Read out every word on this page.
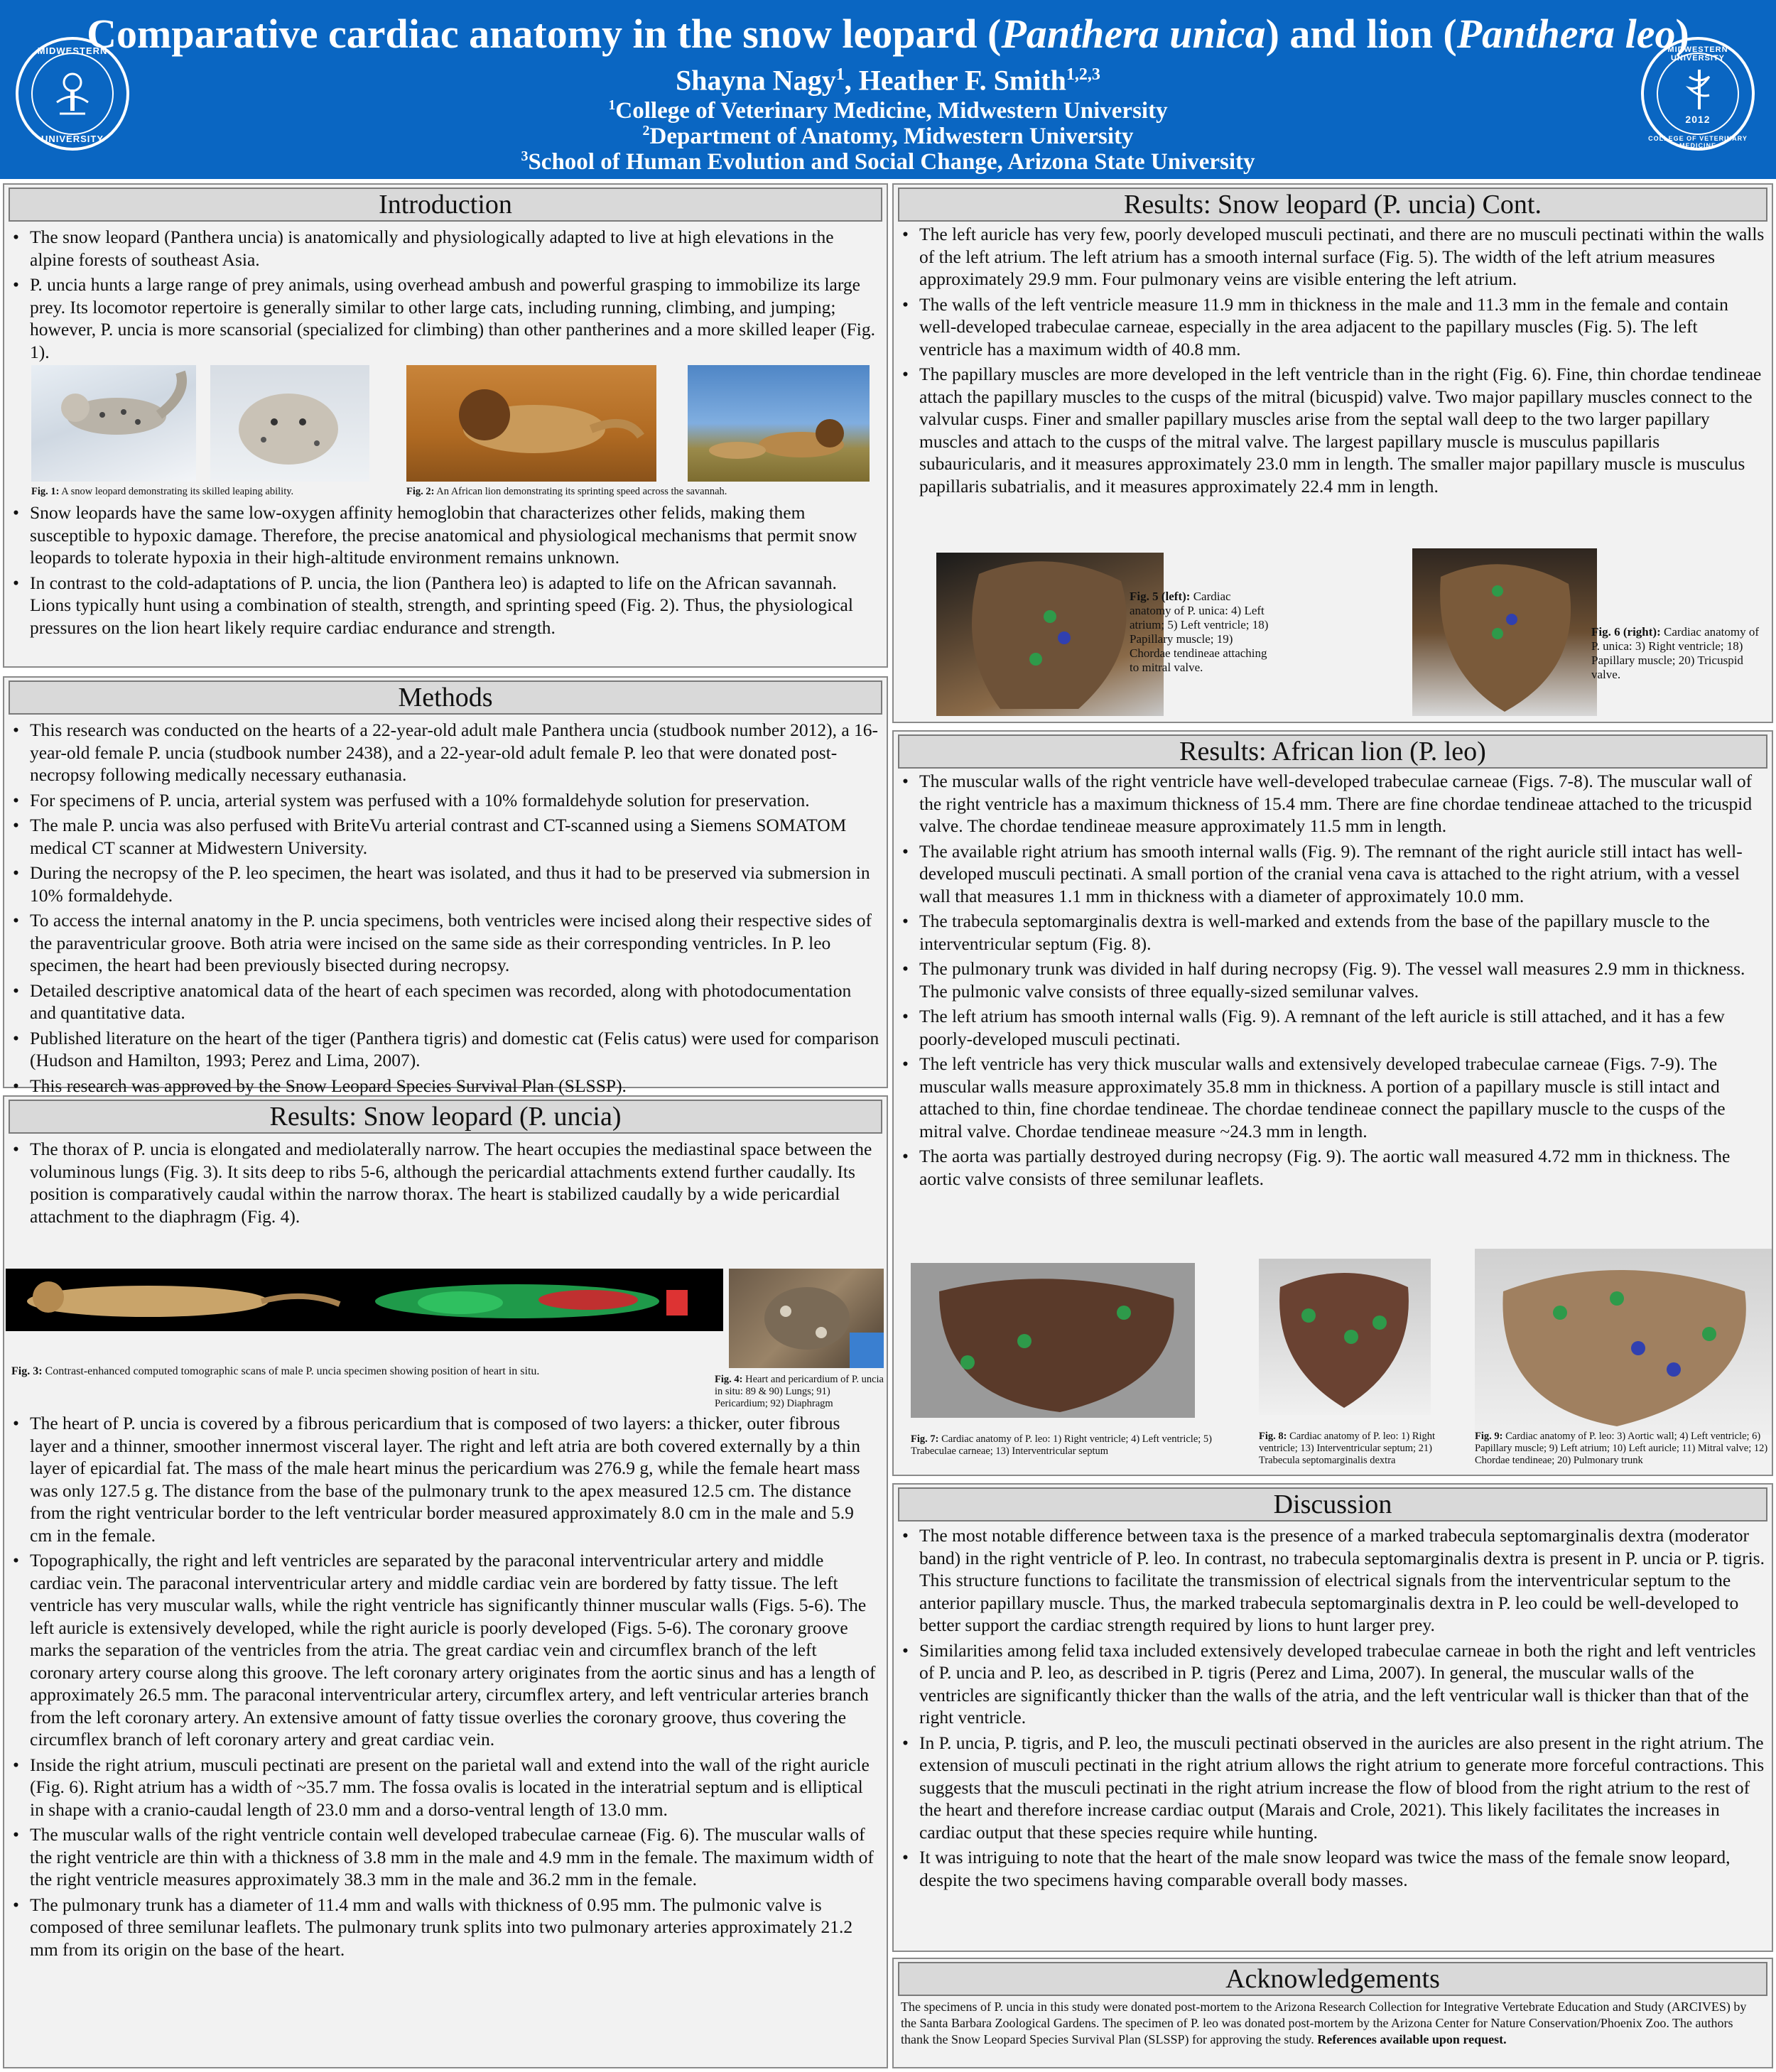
MIDWESTERN
UNIVERSITY
MIDWESTERN UNIVERSITY
COLLEGE OF VETERINARY MEDICINE
2012
Comparative cardiac anatomy in the snow leopard (Panthera unica) and lion (Panthera leo)
Shayna Nagy$^1$, Heather F. Smith$^{1,2,3}$
$^1$College of Veterinary Medicine, Midwestern University
$^2$Department of Anatomy, Midwestern University
$^3$School of Human Evolution and Social Change, Arizona State University
Introduction
• The snow leopard (Panthera uncia) is anatomically and physiologically adapted to live at high elevations in the alpine forests of southeast Asia.
• P. uncia hunts a large range of prey animals, using overhead ambush and powerful grasping to immobilize its large prey. Its locomotor repertoire is generally similar to other large cats, including running, climbing, and jumping; however, P. uncia is more scansorial (specialized for climbing) than other pantherines and a more skilled leaper (Fig. 1).
Fig. 1: A snow leopard demonstrating its skilled leaping ability.	Fig. 2: An African lion demonstrating its sprinting speed across the savannah.
• Snow leopards have the same low-oxygen affinity hemoglobin that characterizes other felids, making them susceptible to hypoxic damage. Therefore, the precise anatomical and physiological mechanisms that permit snow leopards to tolerate hypoxia in their high-altitude environment remains unknown.
• In contrast to the cold-adaptations of P. uncia, the lion (Panthera leo) is adapted to life on the African savannah. Lions typically hunt using a combination of stealth, strength, and sprinting speed (Fig. 2). Thus, the physiological pressures on the lion heart likely require cardiac endurance and strength.
Methods
• This research was conducted on the hearts of a 22-year-old adult male Panthera uncia (studbook number 2012), a 16-year-old female P. uncia (studbook number 2438), and a 22-year-old adult female P. leo that were donated post-necropsy following medically necessary euthanasia.
• For specimens of P. uncia, arterial system was perfused with a 10% formaldehyde solution for preservation.
• The male P. uncia was also perfused with BriteVu arterial contrast and CT-scanned using a Siemens SOMATOM medical CT scanner at Midwestern University.
• During the necropsy of the P. leo specimen, the heart was isolated, and thus it had to be preserved via submersion in 10% formaldehyde.
• To access the internal anatomy in the P. uncia specimens, both ventricles were incised along their respective sides of the paraventricular groove. Both atria were incised on the same side as their corresponding ventricles. In P. leo specimen, the heart had been previously bisected during necropsy.
• Detailed descriptive anatomical data of the heart of each specimen was recorded, along with photodocumentation and quantitative data.
• Published literature on the heart of the tiger (Panthera tigris) and domestic cat (Felis catus) were used for comparison (Hudson and Hamilton, 1993; Perez and Lima, 2007).
• This research was approved by the Snow Leopard Species Survival Plan (SLSSP).
Results: Snow leopard (P. uncia)
• The thorax of P. uncia is elongated and mediolaterally narrow. The heart occupies the mediastinal space between the voluminous lungs (Fig. 3). It sits deep to ribs 5-6, although the pericardial attachments extend further caudally. Its position is comparatively caudal within the narrow thorax. The heart is stabilized caudally by a wide pericardial attachment to the diaphragm (Fig. 4).
Fig. 3: Contrast-enhanced computed tomographic scans of male P. uncia specimen showing position of heart in situ.
Fig. 4: Heart and pericardium of P. uncia in situ: 89 & 90) Lungs; 91) Pericardium; 92) Diaphragm
• The heart of P. uncia is covered by a fibrous pericardium that is composed of two layers: a thicker, outer fibrous layer and a thinner, smoother innermost visceral layer. The right and left atria are both covered externally by a thin layer of epicardial fat. The mass of the male heart minus the pericardium was 276.9 g, while the female heart mass was only 127.5 g. The distance from the base of the pulmonary trunk to the apex measured 12.5 cm. The distance from the right ventricular border to the left ventricular border measured approximately 8.0 cm in the male and 5.9 cm in the female.
• Topographically, the right and left ventricles are separated by the paraconal interventricular artery and middle cardiac vein. The paraconal interventricular artery and middle cardiac vein are bordered by fatty tissue. The left ventricle has very muscular walls, while the right ventricle has significantly thinner muscular walls (Figs. 5-6). The left auricle is extensively developed, while the right auricle is poorly developed (Figs. 5-6). The coronary groove marks the separation of the ventricles from the atria. The great cardiac vein and circumflex branch of the left coronary artery course along this groove. The left coronary artery originates from the aortic sinus and has a length of approximately 26.5 mm. The paraconal interventricular artery, circumflex artery, and left ventricular arteries branch from the left coronary artery. An extensive amount of fatty tissue overlies the coronary groove, thus covering the circumflex branch of left coronary artery and great cardiac vein.
• Inside the right atrium, musculi pectinati are present on the parietal wall and extend into the wall of the right auricle (Fig. 6). Right atrium has a width of ~35.7 mm. The fossa ovalis is located in the interatrial septum and is elliptical in shape with a cranio-caudal length of 23.0 mm and a dorso-ventral length of 13.0 mm.
• The muscular walls of the right ventricle contain well developed trabeculae carneae (Fig. 6). The muscular walls of the right ventricle are thin with a thickness of 3.8 mm in the male and 4.9 mm in the female. The maximum width of the right ventricle measures approximately 38.3 mm in the male and 36.2 mm in the female.
• The pulmonary trunk has a diameter of 11.4 mm and walls with thickness of 0.95 mm. The pulmonic valve is composed of three semilunar leaflets. The pulmonary trunk splits into two pulmonary arteries approximately 21.2 mm from its origin on the base of the heart.
Results: Snow leopard (P. uncia) Cont.
• The left auricle has very few, poorly developed musculi pectinati, and there are no musculi pectinati within the walls of the left atrium. The left atrium has a smooth internal surface (Fig. 5). The width of the left atrium measures approximately 29.9 mm. Four pulmonary veins are visible entering the left atrium.
• The walls of the left ventricle measure 11.9 mm in thickness in the male and 11.3 mm in the female and contain well-developed trabeculae carneae, especially in the area adjacent to the papillary muscles (Fig. 5). The left ventricle has a maximum width of 40.8 mm.
• The papillary muscles are more developed in the left ventricle than in the right (Fig. 6). Fine, thin chordae tendineae attach the papillary muscles to the cusps of the mitral (bicuspid) valve. Two major papillary muscles connect to the valvular cusps. Finer and smaller papillary muscles arise from the septal wall deep to the two larger papillary muscles and attach to the cusps of the mitral valve. The largest papillary muscle is musculus papillaris subauricularis, and it measures approximately 23.0 mm in length. The smaller major papillary muscle is musculus papillaris subatrialis, and it measures approximately 22.4 mm in length.
Fig. 5 (left): Cardiac anatomy of P. unica: 4) Left atrium; 5) Left ventricle; 18) Papillary muscle; 19) Chordae tendineae attaching to mitral valve.
Fig. 6 (right): Cardiac anatomy of P. unica: 3) Right ventricle; 18) Papillary muscle; 20) Tricuspid valve.
Results: African lion (P. leo)
• The muscular walls of the right ventricle have well-developed trabeculae carneae (Figs. 7-8). The muscular wall of the right ventricle has a maximum thickness of 15.4 mm. There are fine chordae tendineae attached to the tricuspid valve. The chordae tendineae measure approximately 11.5 mm in length.
• The available right atrium has smooth internal walls (Fig. 9). The remnant of the right auricle still intact has well-developed musculi pectinati. A small portion of the cranial vena cava is attached to the right atrium, with a vessel wall that measures 1.1 mm in thickness with a diameter of approximately 10.0 mm.
• The trabecula septomarginalis dextra is well-marked and extends from the base of the papillary muscle to the interventricular septum (Fig. 8).
• The pulmonary trunk was divided in half during necropsy (Fig. 9). The vessel wall measures 2.9 mm in thickness. The pulmonic valve consists of three equally-sized semilunar valves.
• The left atrium has smooth internal walls (Fig. 9). A remnant of the left auricle is still attached, and it has a few poorly-developed musculi pectinati.
• The left ventricle has very thick muscular walls and extensively developed trabeculae carneae (Figs. 7-9). The muscular walls measure approximately 35.8 mm in thickness. A portion of a papillary muscle is still intact and attached to thin, fine chordae tendineae. The chordae tendineae connect the papillary muscle to the cusps of the mitral valve. Chordae tendineae measure ~24.3 mm in length.
• The aorta was partially destroyed during necropsy (Fig. 9). The aortic wall measured 4.72 mm in thickness. The aortic valve consists of three semilunar leaflets.
Fig. 7: Cardiac anatomy of P. leo: 1) Right ventricle; 4) Left ventricle; 5) Trabeculae carneae; 13) Interventricular septum
Fig. 8: Cardiac anatomy of P. leo: 1) Right ventricle; 13) Interventricular septum; 21) Trabecula septomarginalis dextra
Fig. 9: Cardiac anatomy of P. leo: 3) Aortic wall; 4) Left ventricle; 6) Papillary muscle; 9) Left atrium; 10) Left auricle; 11) Mitral valve; 12) Chordae tendineae; 20) Pulmonary trunk
Discussion
• The most notable difference between taxa is the presence of a marked trabecula septomarginalis dextra (moderator band) in the right ventricle of P. leo. In contrast, no trabecula septomarginalis dextra is present in P. uncia or P. tigris. This structure functions to facilitate the transmission of electrical signals from the interventricular septum to the anterior papillary muscle. Thus, the marked trabecula septomarginalis dextra in P. leo could be well-developed to better support the cardiac strength required by lions to hunt larger prey.
• Similarities among felid taxa included extensively developed trabeculae carneae in both the right and left ventricles of P. uncia and P. leo, as described in P. tigris (Perez and Lima, 2007). In general, the muscular walls of the ventricles are significantly thicker than the walls of the atria, and the left ventricular wall is thicker than that of the right ventricle.
• In P. uncia, P. tigris, and P. leo, the musculi pectinati observed in the auricles are also present in the right atrium. The extension of musculi pectinati in the right atrium allows the right atrium to generate more forceful contractions. This suggests that the musculi pectinati in the right atrium increase the flow of blood from the right atrium to the rest of the heart and therefore increase cardiac output (Marais and Crole, 2021). This likely facilitates the increases in cardiac output that these species require while hunting.
• It was intriguing to note that the heart of the male snow leopard was twice the mass of the female snow leopard, despite the two specimens having comparable overall body masses.
Acknowledgements
The specimens of P. uncia in this study were donated post-mortem to the Arizona Research Collection for Integrative Vertebrate Education and Study (ARCIVES) by the Santa Barbara Zoological Gardens. The specimen of P. leo was donated post-mortem by the Arizona Center for Nature Conservation/Phoenix Zoo. The authors thank the Snow Leopard Species Survival Plan (SLSSP) for approving the study. References available upon request.
